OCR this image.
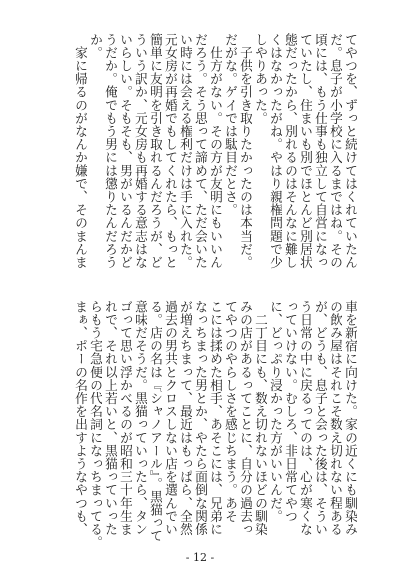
てやつを、ずっと続けてはくれていたん
だ。息子が小学校に入るまではね。その
頃には、もう仕事も独立して自営になっ
ていたし、住まいも別でほとんど別居状
態だったから、別れるのはそんなに難し
くはなかったがね。やはり親権問題で少
しやりあった。
　子供を引き取りたかったのは本当だ。
だがな。ゲイでは駄目だとさ。
　仕方がない。その方が友明にもいいん
だろう。そう思って諦めて、ただ会いた
い時には会える権利だけは手に入れた。
元女房が再婚でもしてくれたら、もっと
簡単に友明を引き取れるんだろうが、ど
ういう訳か、元女房も再婚する意志はな
いらしい。そもそも、男がいるんだかど
うだか。俺でもう男には懲りたんだろう
か。
　家に帰るのがなんか嫌で、そのまんま
車を新宿に向けた。家の近くにも馴染み
の飲み屋はそれこそ数え切れない程ある
が、どうも、息子と会った後は、そうい
う日常の中に戻るってのは、心が寒くな
っていけない。むしろ、非日常てやつ
に、どっぷり浸かった方がいいんだ。
　二丁目にも、数え切れないほどの馴染
みの店があるってことに、自分の過去っ
てやつのやらしさを感じちまう。あそ
こには揉めた相手、あそこには、兄弟に
なっちまった男とか、やたら面倒な関係
が増えちまって、最近はもっぱら、全然
過去の男共とクロスしない店を選んでい
る。店の名は『シャノアール』。黒猫って
意味だそうだ。黒猫っていったら、タン
ゴって思い浮かべるのが昭和三十年生ま
れで、それ以上若いと、黒猫っていった
らもう宅急便の代名詞になっちまってる。
まぁ、ポーの名作を出すようなやつも、
- 12 -
